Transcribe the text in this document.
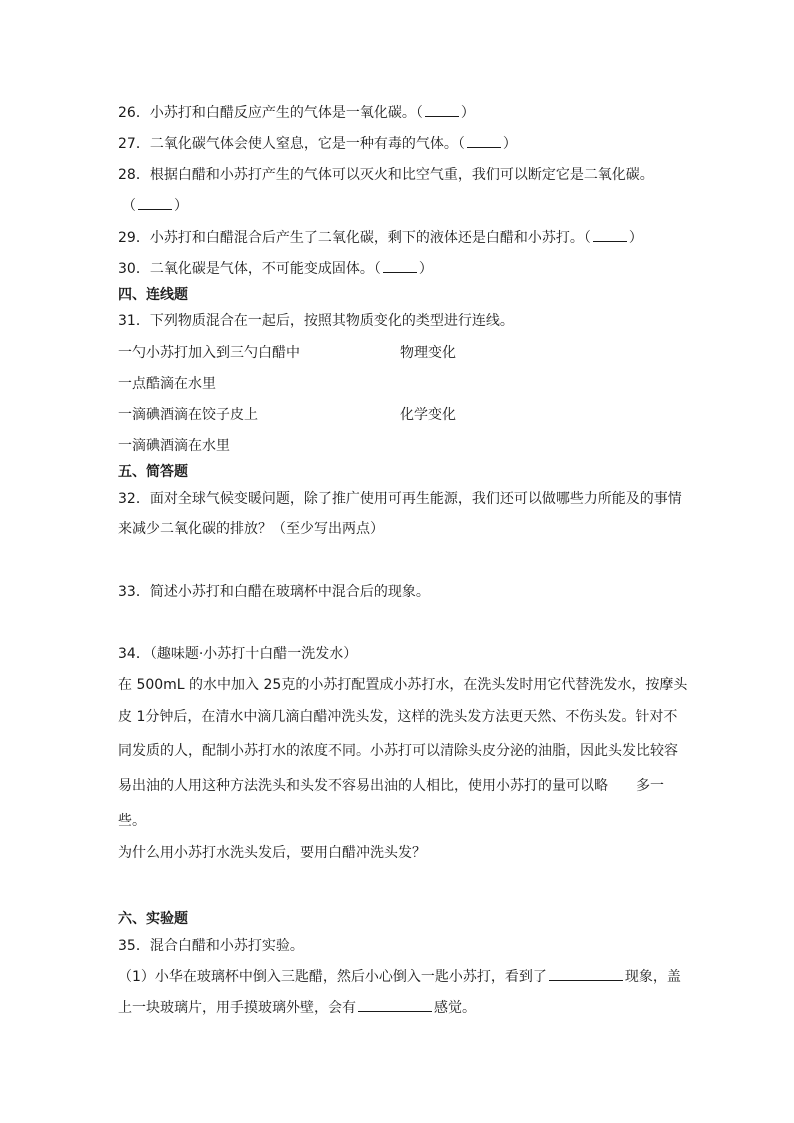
26．小苏打和白醋反应产生的气体是一氧化碳。（	）
27．二氧化碳气体会使人窒息，它是一种有毒的气体。（	）
28．根据白醋和小苏打产生的气体可以灭火和比空气重，我们可以断定它是二氧化碳。
（	）
29．小苏打和白醋混合后产生了二氧化碳，剩下的液体还是白醋和小苏打。（	）
30．二氧化碳是气体，不可能变成固体。（	）
四、连线题
31．下列物质混合在一起后，按照其物质变化的类型进行连线。
一勺小苏打加入到三勺白醋中	物理变化
一点酷滴在水里
一滴碘酒滴在饺子皮上	化学变化
一滴碘酒滴在水里
五、简答题
32．面对全球气候变暖问题，除了推广使用可再生能源，我们还可以做哪些力所能及的事情
来减少二氧化碳的排放？（至少写出两点）
33．简述小苏打和白醋在玻璃杯中混合后的现象。
34．（趣味题·小苏打十白醋一洗发水）
在 500mL 的水中加入 25克的小苏打配置成小苏打水，在洗头发时用它代替洗发水，按摩头
皮 1分钟后，在清水中滴几滴白醋冲洗头发，这样的洗头发方法更天然、不伤头发。针对不
同发质的人，配制小苏打水的浓度不同。小苏打可以清除头皮分泌的油脂，因此头发比较容
易出油的人用这种方法洗头和头发不容易出油的人相比，使用小苏打的量可以略　　多一
些。
为什么用小苏打水洗头发后，要用白醋冲洗头发？
六、实验题
35．混合白醋和小苏打实验。
（1）小华在玻璃杯中倒入三匙醋，然后小心倒入一匙小苏打，看到了	现象，盖
上一块玻璃片，用手摸玻璃外壁，会有	感觉。
